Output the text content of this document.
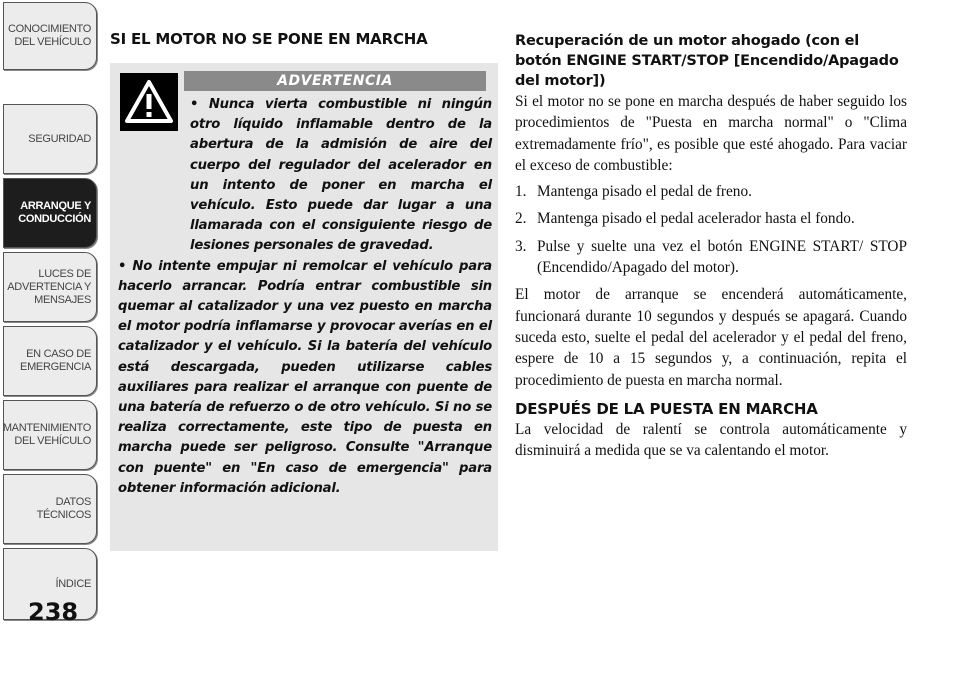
CONOCIMIENTO
DEL VEHÍCULO
SEGURIDAD
ARRANQUE Y
CONDUCCIÓN
LUCES DE
ADVERTENCIA Y
MENSAJES
EN CASO DE
EMERGENCIA
MANTENIMIENTO
DEL VEHÍCULO
DATOS
TÉCNICOS
ÍNDICE
238
SI EL MOTOR NO SE PONE EN MARCHA
ADVERTENCIA

• Nunca vierta combustible ni ningún otro líquido inflamable dentro de la abertura de la admisión de aire del cuerpo del regulador del acelerador en un intento de poner en marcha el vehículo. Esto puede dar lugar a una llamarada con el consiguiente riesgo de lesiones personales de gravedad.

• No intente empujar ni remolcar el vehículo para hacerlo arrancar. Podría entrar combustible sin quemar al catalizador y una vez puesto en marcha el motor podría inflamarse y provocar averías en el catalizador y el vehículo. Si la batería del vehículo está descargada, pueden utilizarse cables auxiliares para realizar el arranque con puente de una batería de refuerzo o de otro vehículo. Si no se realiza correctamente, este tipo de puesta en marcha puede ser peligroso. Consulte "Arranque con puente" en "En caso de emergencia" para obtener información adicional.

Recuperación de un motor ahogado (con el botón ENGINE START/STOP [Encendido/Apagado del motor])
Si el motor no se pone en marcha después de haber seguido los procedimientos de "Puesta en marcha normal" o "Clima extremadamente frío", es posible que esté ahogado. Para vaciar el exceso de combustible:
1. Mantenga pisado el pedal de freno.
2. Mantenga pisado el pedal acelerador hasta el fondo.
3. Pulse y suelte una vez el botón ENGINE START/ STOP (Encendido/Apagado del motor).
El motor de arranque se encenderá automáticamente, funcionará durante 10 segundos y después se apagará. Cuando suceda esto, suelte el pedal del acelerador y el pedal del freno, espere de 10 a 15 segundos y, a continuación, repita el procedimiento de puesta en marcha normal.
DESPUÉS DE LA PUESTA EN MARCHA
La velocidad de ralentí se controla automáticamente y disminuirá a medida que se va calentando el motor.
